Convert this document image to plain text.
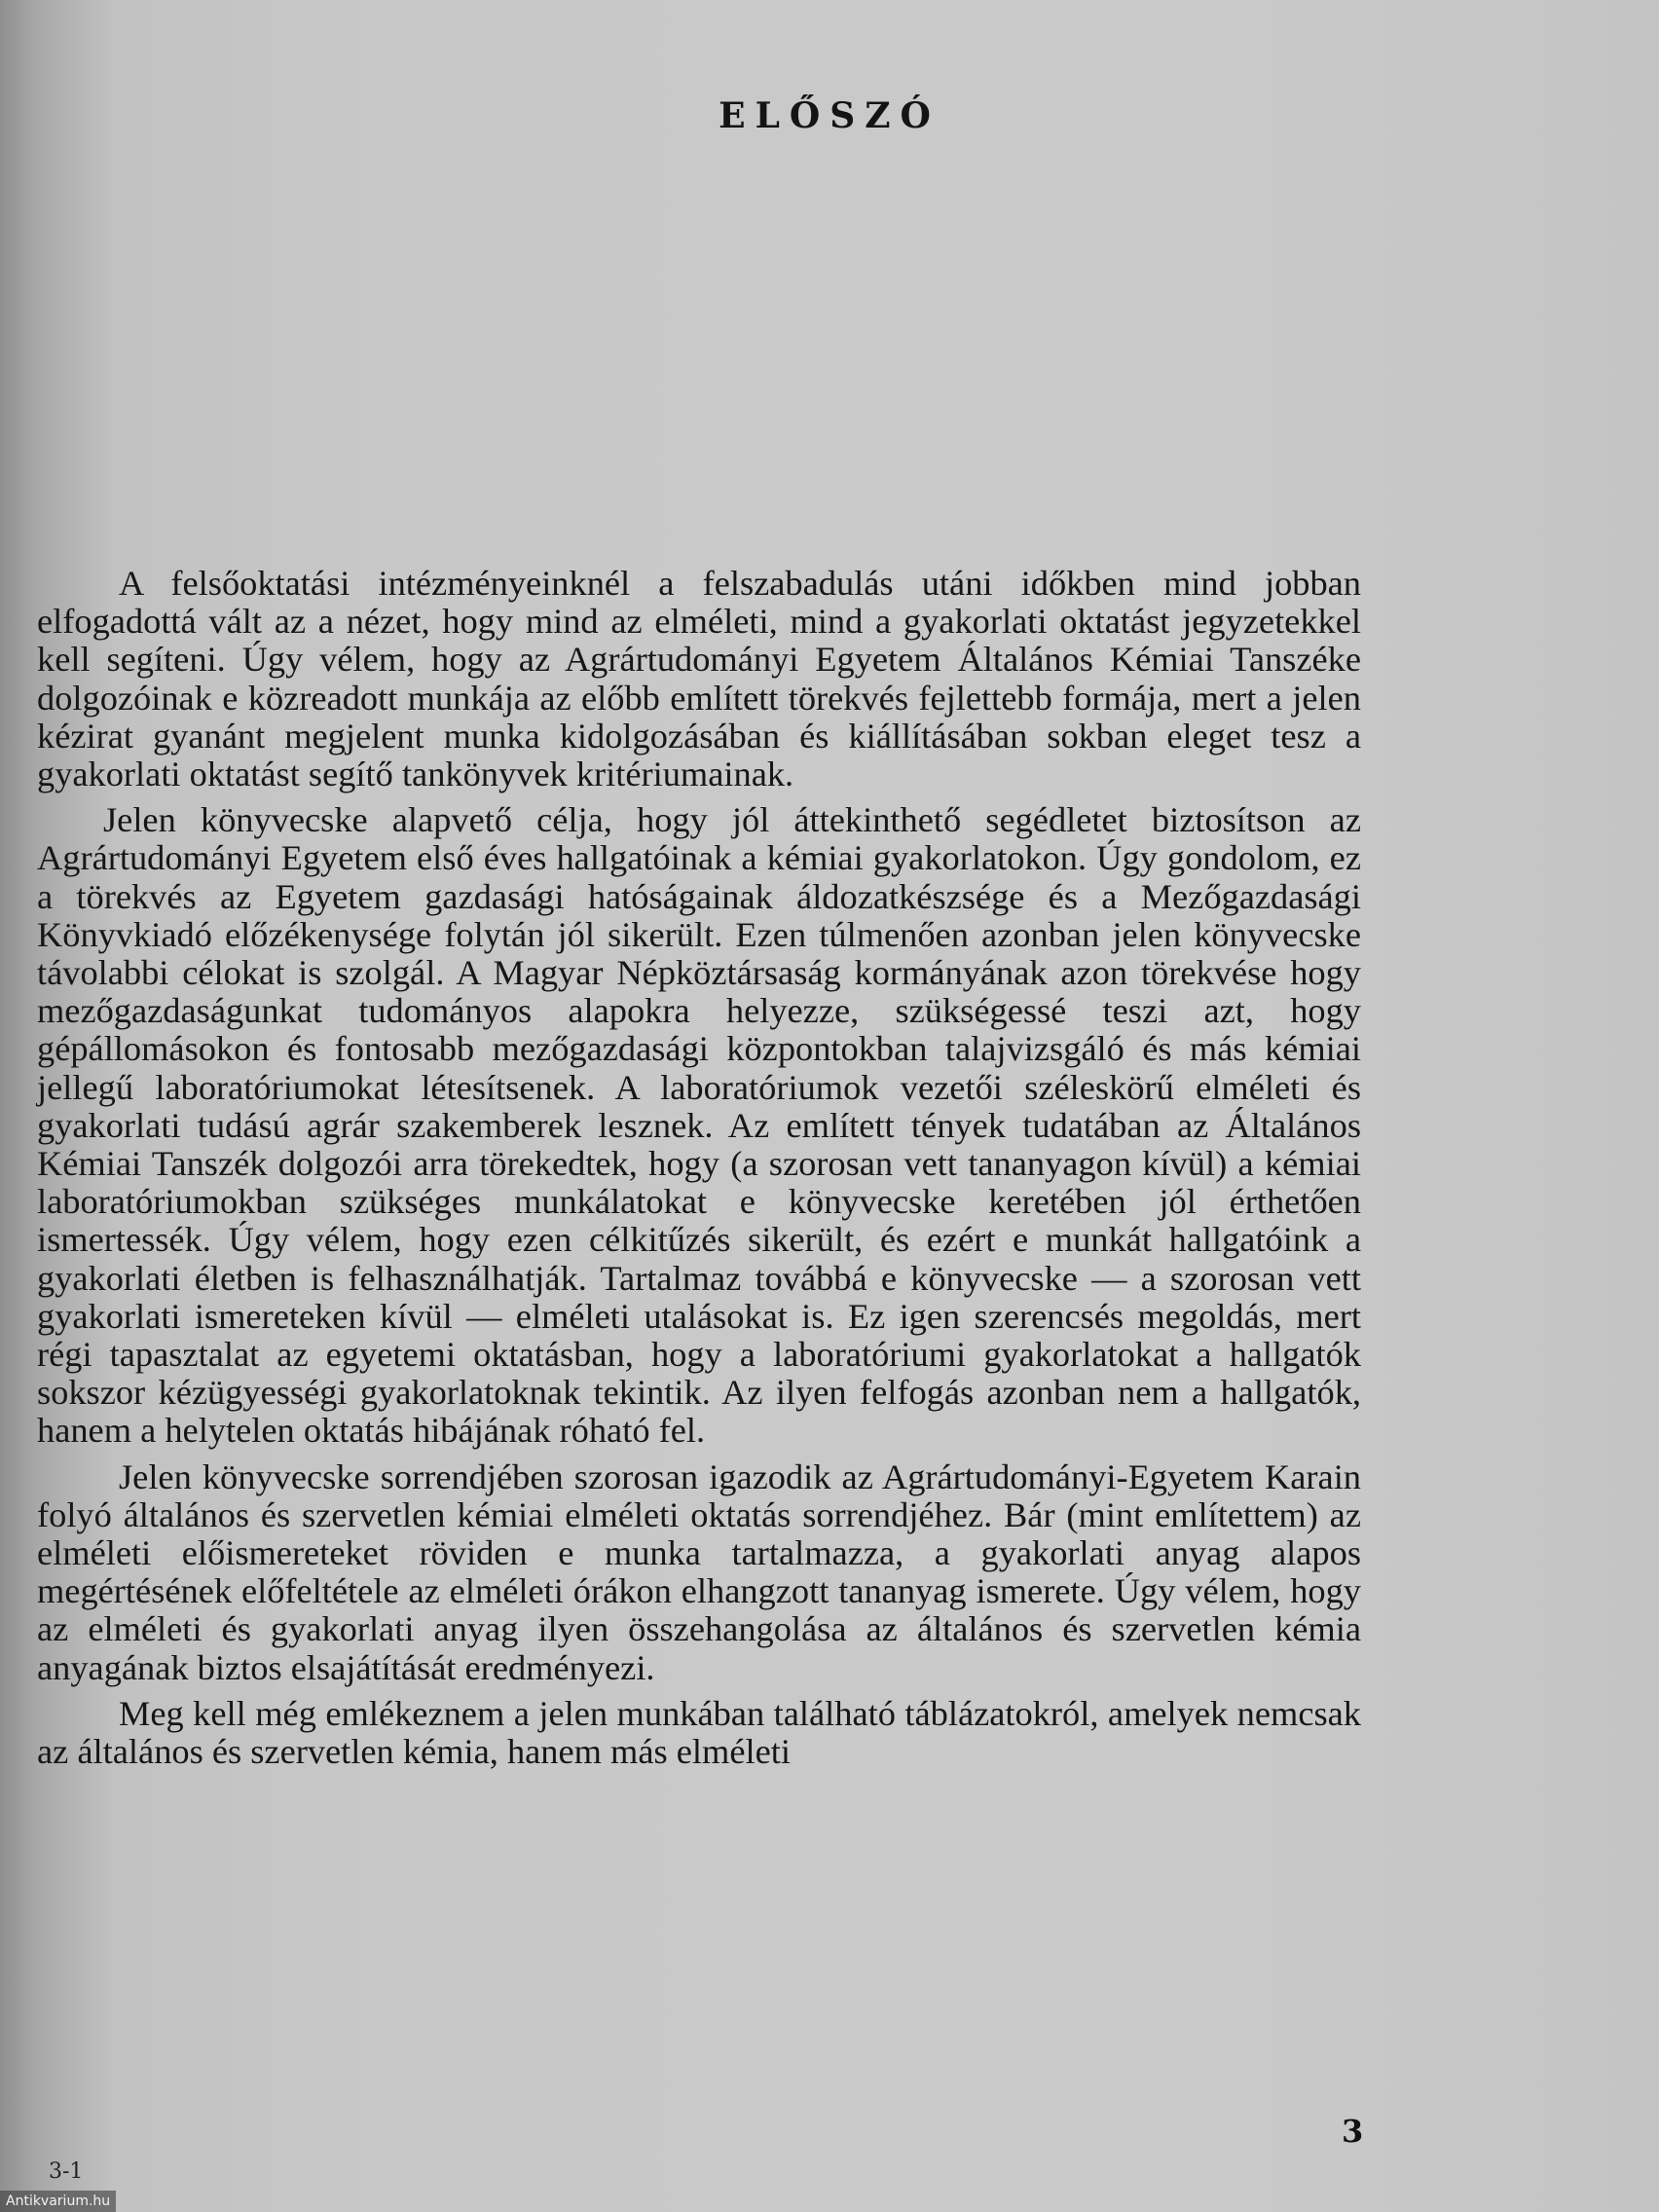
ELŐSZÓ

A felsőoktatási intézményeinknél a felszabadulás utáni időkben mind jobban elfogadottá vált az a nézet, hogy mind az elméleti, mind a gyakorlati oktatást jegyzetekkel kell segíteni. Úgy vélem, hogy az Agrártudományi Egyetem Általános Kémiai Tanszéke dolgozóinak e közreadott munkája az előbb említett törekvés fejlettebb formája, mert a jelen kézirat gyanánt megjelent munka kidolgozásában és kiállításában sokban eleget tesz a gyakorlati oktatást segítő tankönyvek kritériumainak.

Jelen könyvecske alapvető célja, hogy jól áttekinthető segédletet biztosítson az Agrártudományi Egyetem első éves hallgatóinak a kémiai gyakorlatokon. Úgy gondolom, ez a törekvés az Egyetem gazdasági hatóságainak áldozatkészsége és a Mezőgazdasági Könyvkiadó előzékenysége folytán jól sikerült. Ezen túlmenően azonban jelen könyvecske távolabbi célokat is szolgál. A Magyar Népköztársaság kormányának azon törekvése hogy mezőgazdaságunkat tudományos alapokra helyezze, szükségessé teszi azt, hogy gépállomásokon és fontosabb mezőgazdasági központokban talajvizsgáló és más kémiai jellegű laboratóriumokat létesítsenek. A laboratóriumok vezetői széleskörű elméleti és gyakorlati tudású agrár szakemberek lesznek. Az említett tények tudatában az Általános Kémiai Tanszék dolgozói arra törekedtek, hogy (a szorosan vett tananyagon kívül) a kémiai laboratóriumokban szükséges munkálatokat e könyvecske keretében jól érthetően ismertessék. Úgy vélem, hogy ezen célkitűzés sikerült, és ezért e munkát hallgatóink a gyakorlati életben is felhasználhatják. Tartalmaz továbbá e könyvecske — a szorosan vett gyakorlati ismereteken kívül — elméleti utalásokat is. Ez igen szerencsés megoldás, mert régi tapasztalat az egyetemi oktatásban, hogy a laboratóriumi gyakorlatokat a hallgatók sokszor kézügyességi gyakorlatoknak tekintik. Az ilyen felfogás azonban nem a hallgatók, hanem a helytelen oktatás hibájának róható fel.

Jelen könyvecske sorrendjében szorosan igazodik az Agrártudományi-Egyetem Karain folyó általános és szervetlen kémiai elméleti oktatás sorrendjéhez. Bár (mint említettem) az elméleti előismereteket röviden e munka tartalmazza, a gyakorlati anyag alapos megértésének előfeltétele az elméleti órákon elhangzott tananyag ismerete. Úgy vélem, hogy az elméleti és gyakorlati anyag ilyen összehangolása az általános és szervetlen kémia anyagának biztos elsajátítását eredményezi.

Meg kell még emlékeznem a jelen munkában található táblázatokról, amelyek nemcsak az általános és szervetlen kémia, hanem más elméleti

3
3-1
Antikvarium.hu
